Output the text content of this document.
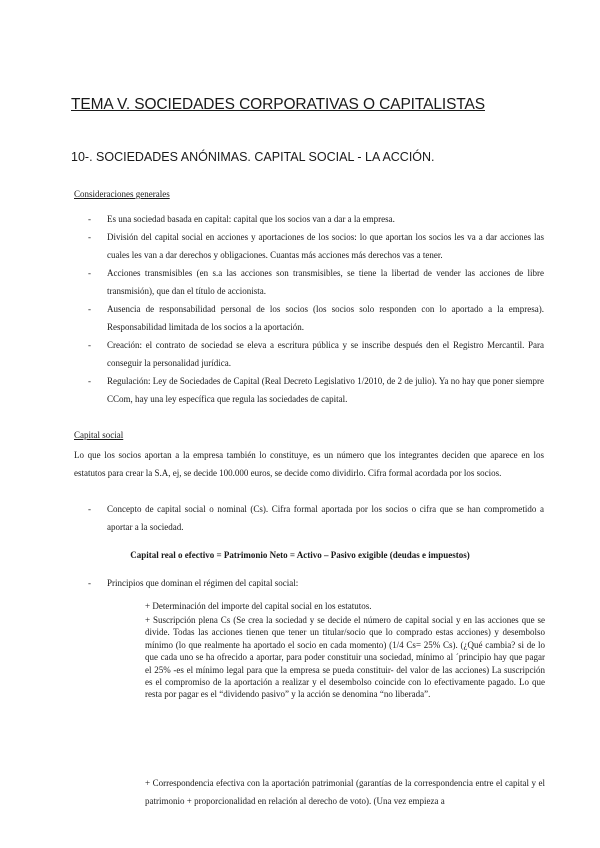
TEMA V. SOCIEDADES CORPORATIVAS O CAPITALISTAS
10-. SOCIEDADES ANÓNIMAS. CAPITAL SOCIAL - LA ACCIÓN.

Consideraciones generales

- Es una sociedad basada en capital: capital que los socios van a dar a la empresa.
- División del capital social en acciones y aportaciones de los socios: lo que aportan los socios les va a dar acciones las cuales les van a dar derechos y obligaciones. Cuantas más acciones más derechos vas a tener.
- Acciones transmisibles (en s.a las acciones son transmisibles, se tiene la libertad de vender las acciones de libre transmisión), que dan el título de accionista.
- Ausencia de responsabilidad personal de los socios (los socios solo responden con lo aportado a la empresa). Responsabilidad limitada de los socios a la aportación.
- Creación: el contrato de sociedad se eleva a escritura pública y se inscribe después den el Registro Mercantil. Para conseguir la personalidad jurídica.
- Regulación: Ley de Sociedades de Capital (Real Decreto Legislativo 1/2010, de 2 de julio). Ya no hay que poner siempre CCom, hay una ley específica que regula las sociedades de capital.

Capital social

Lo que los socios aportan a la empresa también lo constituye, es un número que los integrantes deciden que aparece en los estatutos para crear la S.A, ej, se decide 100.000 euros, se decide como dividirlo. Cifra formal acordada por los socios.

- Concepto de capital social o nominal (Cs). Cifra formal aportada por los socios o cifra que se han comprometido a aportar a la sociedad.

Capital real o efectivo = Patrimonio Neto = Activo – Pasivo exigible (deudas e impuestos)

- Principios que dominan el régimen del capital social:

+ Determinación del importe del capital social en los estatutos.

+ Suscripción plena Cs (Se crea la sociedad y se decide el número de capital social y en las acciones que se divide. Todas las acciones tienen que tener un titular/socio que lo comprado estas acciones) y desembolso mínimo (lo que realmente ha aportado el socio en cada momento) (1/4 Cs= 25% Cs). (¿Qué cambia? si de lo que cada uno se ha ofrecido a aportar, para poder constituir una sociedad, mínimo al ´principio hay que pagar el 25% -es el mínimo legal para que la empresa se pueda constituir- del valor de las acciones) La suscripción es el compromiso de la aportación a realizar y el desembolso coincide con lo efectivamente pagado. Lo que resta por pagar es el “dividendo pasivo” y la acción se denomina “no liberada”.

+ Correspondencia efectiva con la aportación patrimonial (garantías de la correspondencia entre el capital y el patrimonio + proporcionalidad en relación al derecho de voto). (Una vez empieza a
